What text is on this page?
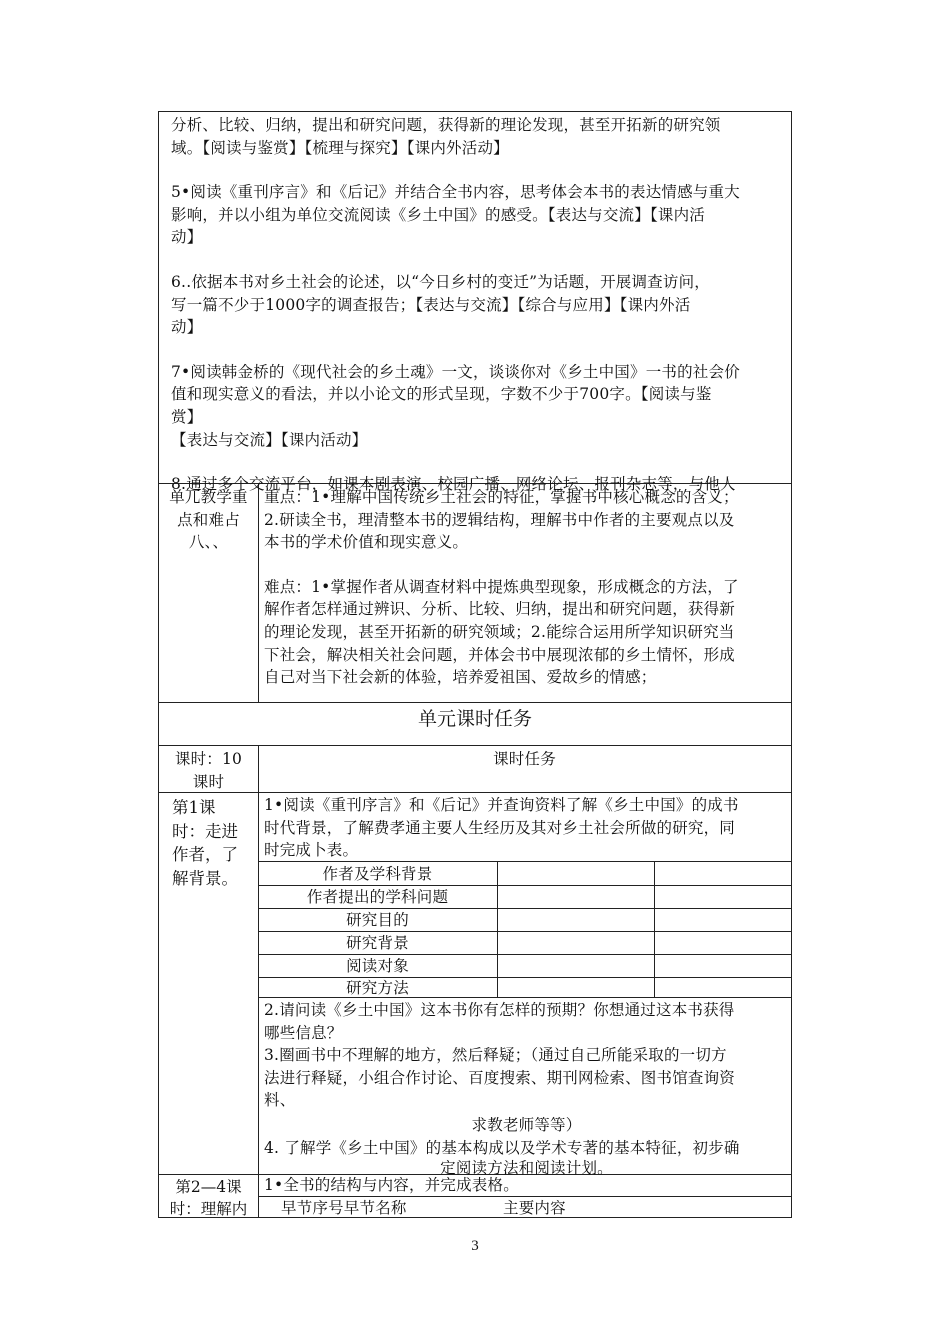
分析、比较、归纳，提出和研究问题，获得新的理论发现，甚至开拓新的研究领

域。【阅读与鉴赏】【梳理与探究】【课内外活动】

5•阅读《重刊序言》和《后记》并结合全书内容，思考体会本书的表达情感与重大

影响，并以小组为单位交流阅读《乡土中国》的感受。【表达与交流】【课内活

动】

6..依据本书对乡土社会的论述，以“今日乡村的变迁”为话题，开展调查访问，

写一篇不少于1000字的调查报告；【表达与交流】【综合与应用】【课内外活

动】

7•阅读韩金桥的《现代社会的乡土魂》一文，谈谈你对《乡土中国》一书的社会价

值和现实意义的看法，并以小论文的形式呈现，字数不少于700字。【阅读与鉴

赏】

【表达与交流】【课内活动】

8.通过多个交流平台，如课本剧表演、校园广播、网络论坛、报刊杂志等，与他人

单兀教学重

点和难占

八、、

重点：1•理解中国传统乡土社会的特征，掌握书中核心概念的含义；

2.研读全书，理清整本书的逻辑结构，理解书中作者的主要观点以及

本书的学术价值和现实意义。

难点：1•掌握作者从调查材料中提炼典型现象，形成概念的方法，了

解作者怎样通过辨识、分析、比较、归纳，提出和研究问题，获得新

的理论发现，甚至开拓新的研究领域；2.能综合运用所学知识研究当

下社会，解决相关社会问题，并体会书中展现浓郁的乡土情怀，形成

自己对当下社会新的体验，培养爱祖国、爱故乡的情感；

单元课时任务

课时：10

课时

课时任务

第1课

时：走进

作者，了

解背景。

1•阅读《重刊序言》和《后记》并查询资料了解《乡土中国》的成书

时代背景，了解费孝通主要人生经历及其对乡土社会所做的研究，同

时完成卜表。

作者及学科背景
作者提出的学科问题
研究目的
研究背景
阅读对象
研究方法

2.请问读《乡土中国》这本书你有怎样的预期？你想通过这本书获得

哪些信息？

3.圈画书中不理解的地方，然后释疑；（通过自己所能采取的一切方

法进行释疑，小组合作讨论、百度搜索、期刊网检索、图书馆查询资

料、

求教老师等等）

4. 了解学《乡土中国》的基本构成以及学术专著的基本特征，初步确

定阅读方法和阅读计划。

第2—4课

时：理解内

1•全书的结构与内容，并完成表格。
早节序号早节名称	主要内容
3
